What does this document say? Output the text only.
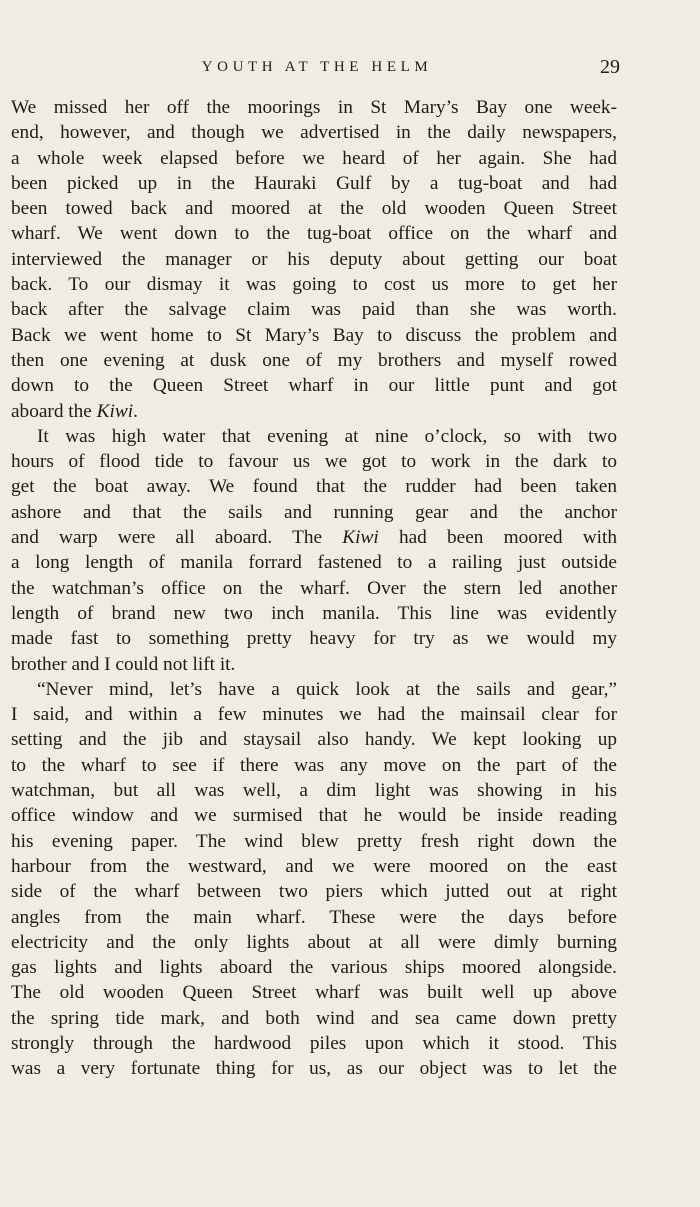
YOUTH AT THE HELM	29

We missed her off the moorings in St Mary’s Bay one week-

end, however, and though we advertised in the daily newspapers,

a whole week elapsed before we heard of her again. She had

been picked up in the Hauraki Gulf by a tug-boat and had

been towed back and moored at the old wooden Queen Street

wharf. We went down to the tug-boat office on the wharf and

interviewed the manager or his deputy about getting our boat

back. To our dismay it was going to cost us more to get her

back after the salvage claim was paid than she was worth.

Back we went home to St Mary’s Bay to discuss the problem and

then one evening at dusk one of my brothers and myself rowed

down to the Queen Street wharf in our little punt and got

aboard the Kiwi.

It was high water that evening at nine o’clock, so with two

hours of flood tide to favour us we got to work in the dark to

get the boat away. We found that the rudder had been taken

ashore and that the sails and running gear and the anchor

and warp were all aboard. The Kiwi had been moored with

a long length of manila forrard fastened to a railing just outside

the watchman’s office on the wharf. Over the stern led another

length of brand new two inch manila. This line was evidently

made fast to something pretty heavy for try as we would my

brother and I could not lift it.

“Never mind, let’s have a quick look at the sails and gear,”

I said, and within a few minutes we had the mainsail clear for

setting and the jib and staysail also handy. We kept looking up

to the wharf to see if there was any move on the part of the

watchman, but all was well, a dim light was showing in his

office window and we surmised that he would be inside reading

his evening paper. The wind blew pretty fresh right down the

harbour from the westward, and we were moored on the east

side of the wharf between two piers which jutted out at right

angles from the main wharf. These were the days before

electricity and the only lights about at all were dimly burning

gas lights and lights aboard the various ships moored alongside.

The old wooden Queen Street wharf was built well up above

the spring tide mark, and both wind and sea came down pretty

strongly through the hardwood piles upon which it stood. This

was a very fortunate thing for us, as our object was to let the
